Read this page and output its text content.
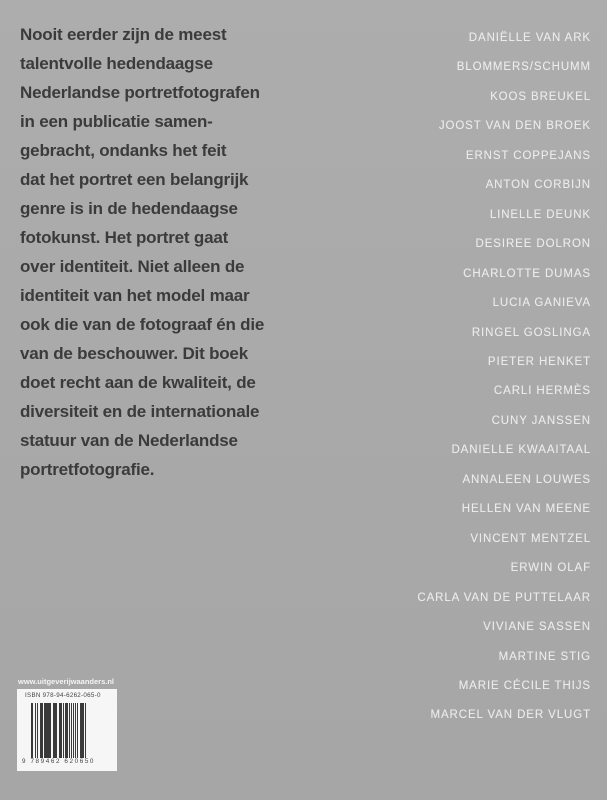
Nooit eerder zijn de meest
talentvolle hedendaagse
Nederlandse portretfotografen
in een publicatie samen-
gebracht, ondanks het feit
dat het portret een belangrijk
genre is in de hedendaagse
fotokunst. Het portret gaat
over identiteit. Niet alleen de
identiteit van het model maar
ook die van de fotograaf én die
van de beschouwer. Dit boek
doet recht aan de kwaliteit, de
diversiteit en de internationale
statuur van de Nederlandse
portretfotografie.
DANIËLLE VAN ARK
BLOMMERS/SCHUMM
KOOS BREUKEL
JOOST VAN DEN BROEK
ERNST COPPEJANS
ANTON CORBIJN
LINELLE DEUNK
DESIREE DOLRON
CHARLOTTE DUMAS
LUCIA GANIEVA
RINGEL GOSLINGA
PIETER HENKET
CARLI HERMÈS
CUNY JANSSEN
DANIELLE KWAAITAAL
ANNALEEN LOUWES
HELLEN VAN MEENE
VINCENT MENTZEL
ERWIN OLAF
CARLA VAN DE PUTTELAAR
VIVIANE SASSEN
MARTINE STIG
MARIE CÉCILE THIJS
MARCEL VAN DER VLUGT
www.uitgeverijwaanders.nl
ISBN 978-94-6262-065-0
9 789462 620650
